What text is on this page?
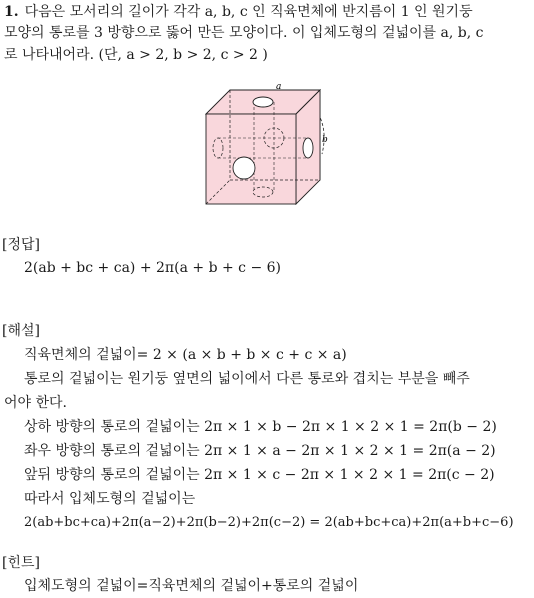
1. 다음은 모서리의 길이가 각각 a, b, c 인 직육면체에 반지름이 1 인 원기둥
모양의 통로를 3 방향으로 뚫어 만든 모양이다. 이 입체도형의 겉넓이를 a, b, c
로 나타내어라. (단, a > 2, b > 2, c > 2 )
a
b
[정답]
2(ab + bc + ca) + 2π(a + b + c − 6)
[해설]
직육면체의 겉넓이= 2 × (a × b + b × c + c × a)
통로의 겉넓이는 원기둥 옆면의 넓이에서 다른 통로와 겹치는 부분을 빼주
어야 한다.
상하 방향의 통로의 겉넓이는 2π × 1 × b − 2π × 1 × 2 × 1 = 2π(b − 2)
좌우 방향의 통로의 겉넓이는 2π × 1 × a − 2π × 1 × 2 × 1 = 2π(a − 2)
앞뒤 방향의 통로의 겉넓이는 2π × 1 × c − 2π × 1 × 2 × 1 = 2π(c − 2)
따라서 입체도형의 겉넓이는
2(ab+bc+ca)+2π(a−2)+2π(b−2)+2π(c−2) = 2(ab+bc+ca)+2π(a+b+c−6)
[힌트]
입체도형의 겉넓이=직육면체의 겉넓이+통로의 겉넓이
